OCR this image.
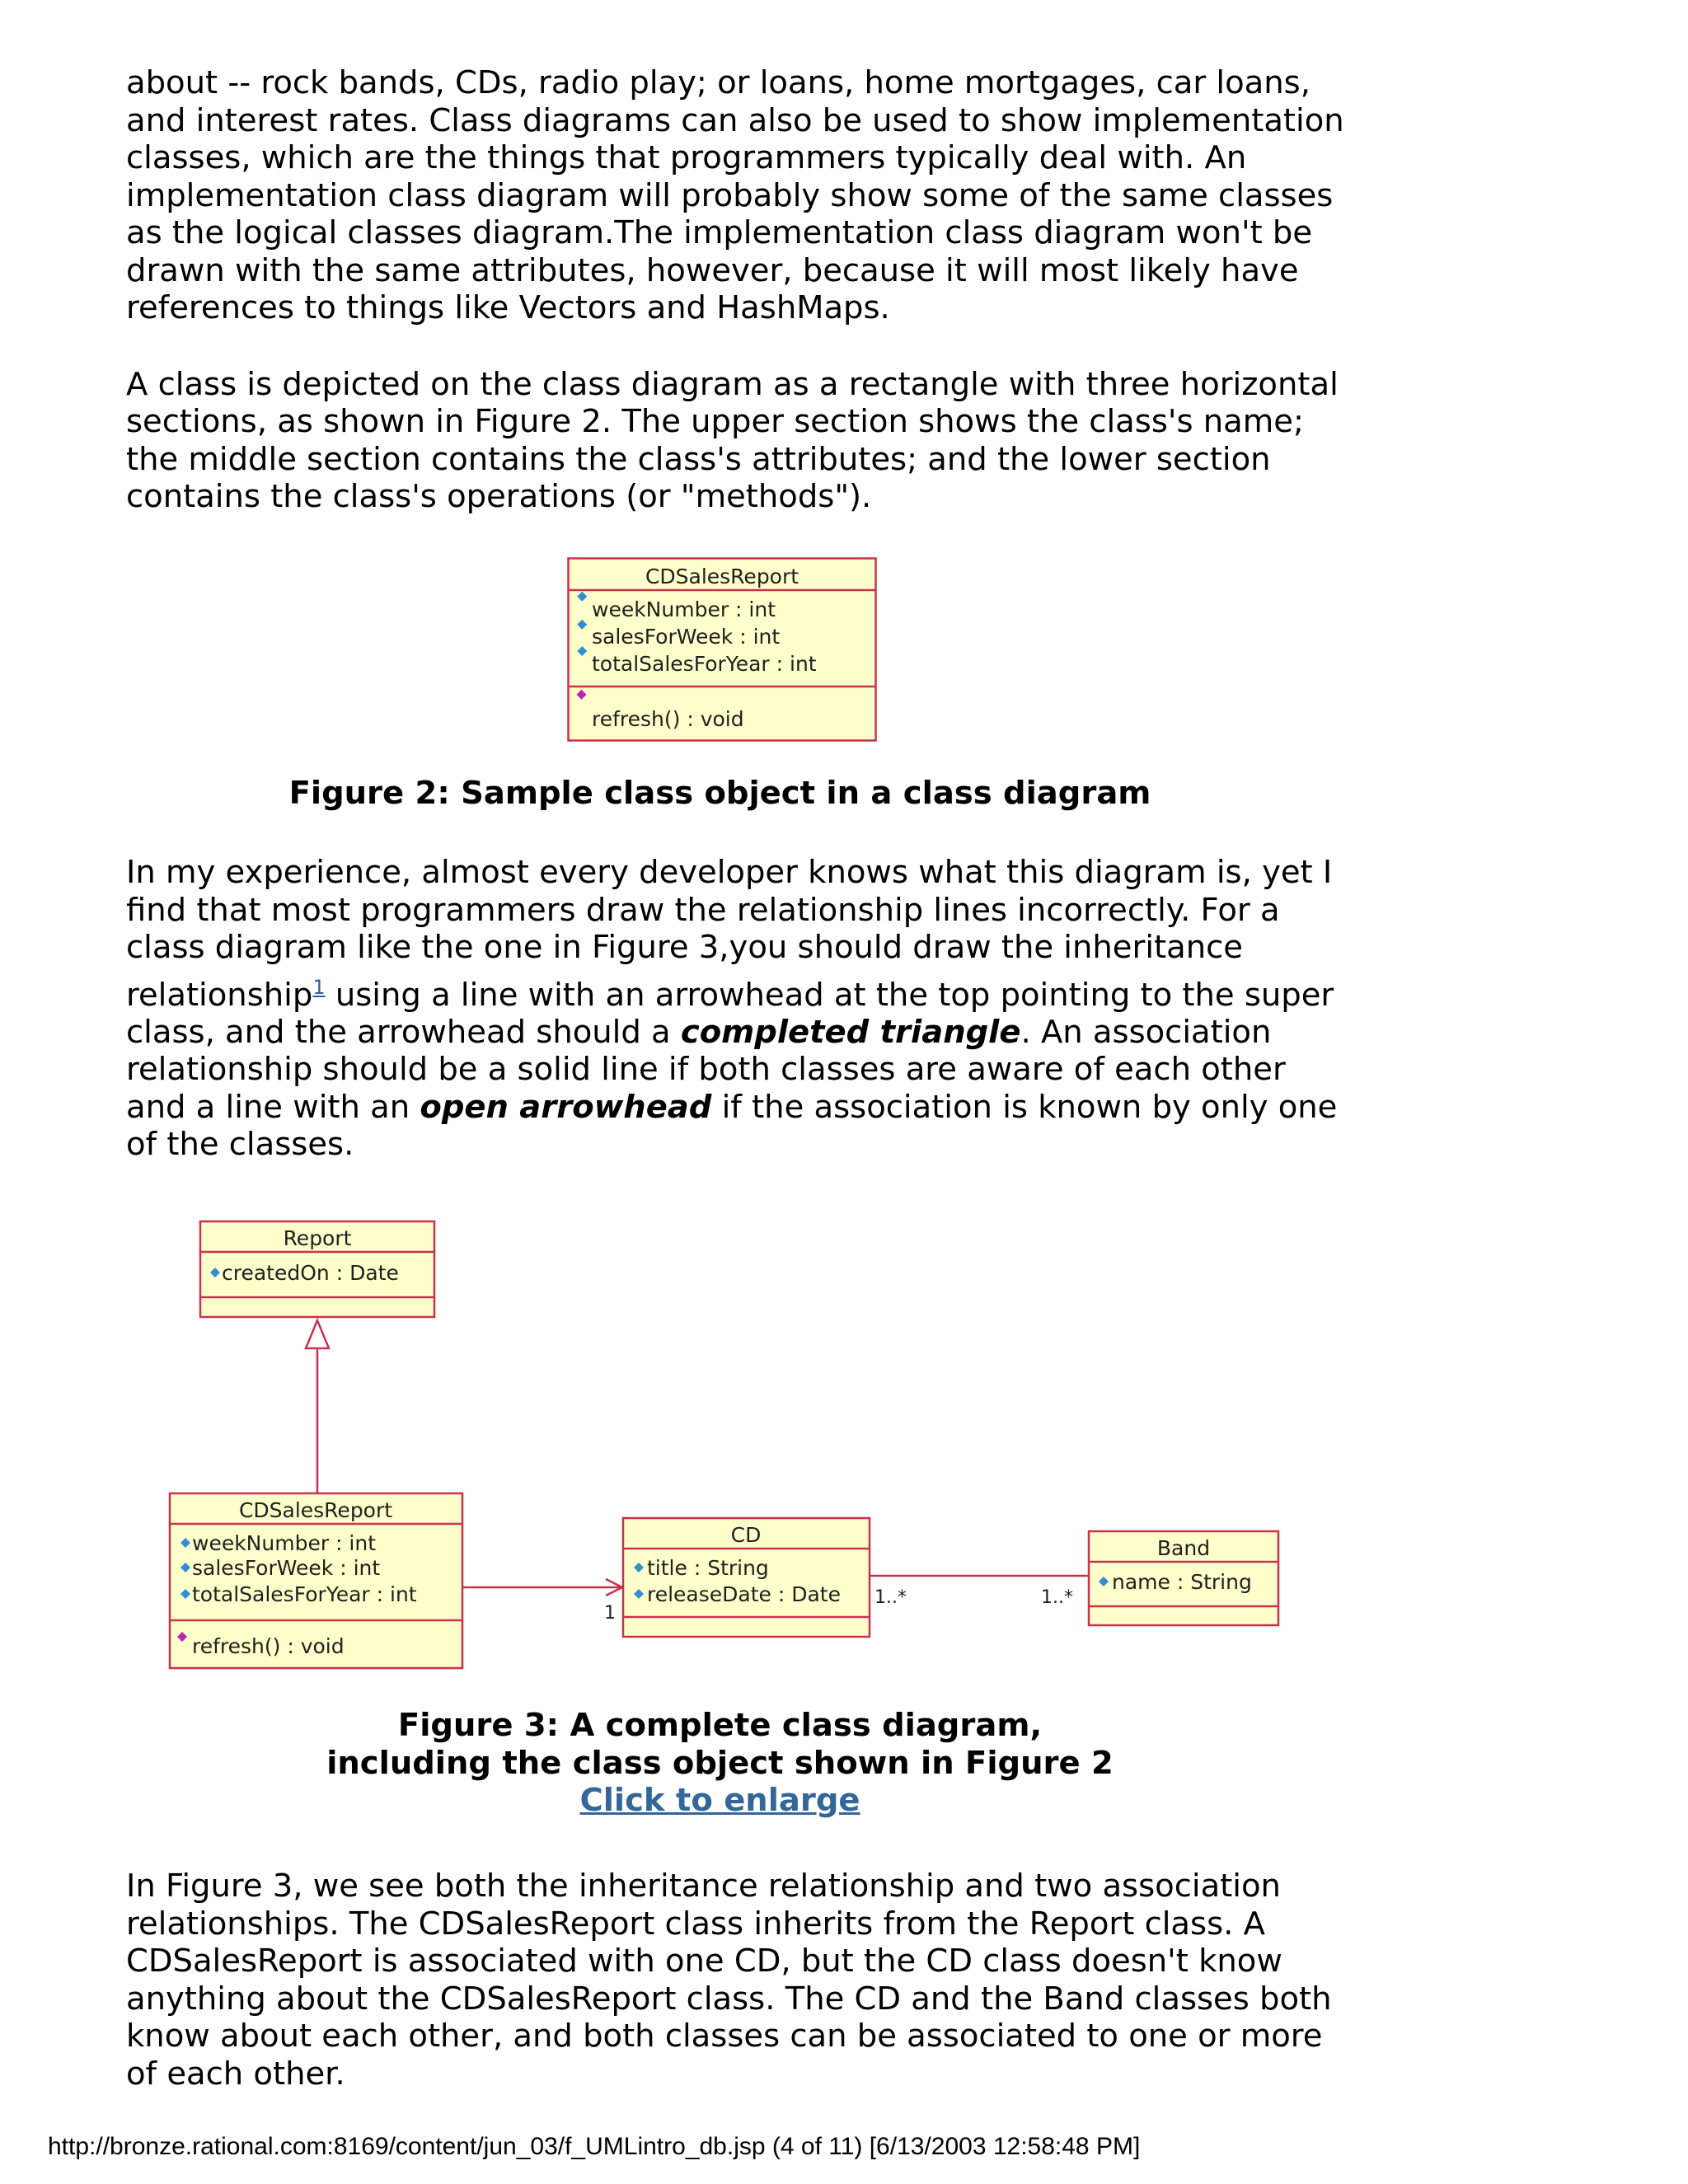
about -- rock bands, CDs, radio play; or loans, home mortgages, car loans, and interest rates. Class diagrams can also be used to show implementation classes, which are the things that programmers typically deal with. An implementation class diagram will probably show some of the same classes as the logical classes diagram.The implementation class diagram won't be drawn with the same attributes, however, because it will most likely have references to things like Vectors and HashMaps.

A class is depicted on the class diagram as a rectangle with three horizontal sections, as shown in Figure 2. The upper section shows the class's name; the middle section contains the class's attributes; and the lower section contains the class's operations (or "methods").

CDSalesReport
weekNumber : int
salesForWeek : int
totalSalesForYear : int
refresh() : void
Figure 2: Sample class object in a class diagram

In my experience, almost every developer knows what this diagram is, yet I find that most programmers draw the relationship lines incorrectly. For a class diagram like the one in Figure 3,you should draw the inheritance relationship$^1$ using a line with an arrowhead at the top pointing to the super class, and the arrowhead should a completed triangle. An association relationship should be a solid line if both classes are aware of each other and a line with an open arrowhead if the association is known by only one of the classes.

Report
createdOn : Date
CDSalesReport
weekNumber : int
salesForWeek : int
totalSalesForYear : int
refresh() : void
1
CD
title : String
releaseDate : Date 1..*	1..*
Band
name : String
Figure 3: A complete class diagram,
including the class object shown in Figure 2
Click to enlarge

In Figure 3, we see both the inheritance relationship and two association relationships. The CDSalesReport class inherits from the Report class. A CDSalesReport is associated with one CD, but the CD class doesn't know anything about the CDSalesReport class. The CD and the Band classes both know about each other, and both classes can be associated to one or more of each other.

http://bronze.rational.com:8169/content/jun_03/f_UMLintro_db.jsp (4 of 11) [6/13/2003 12:58:48 PM]
